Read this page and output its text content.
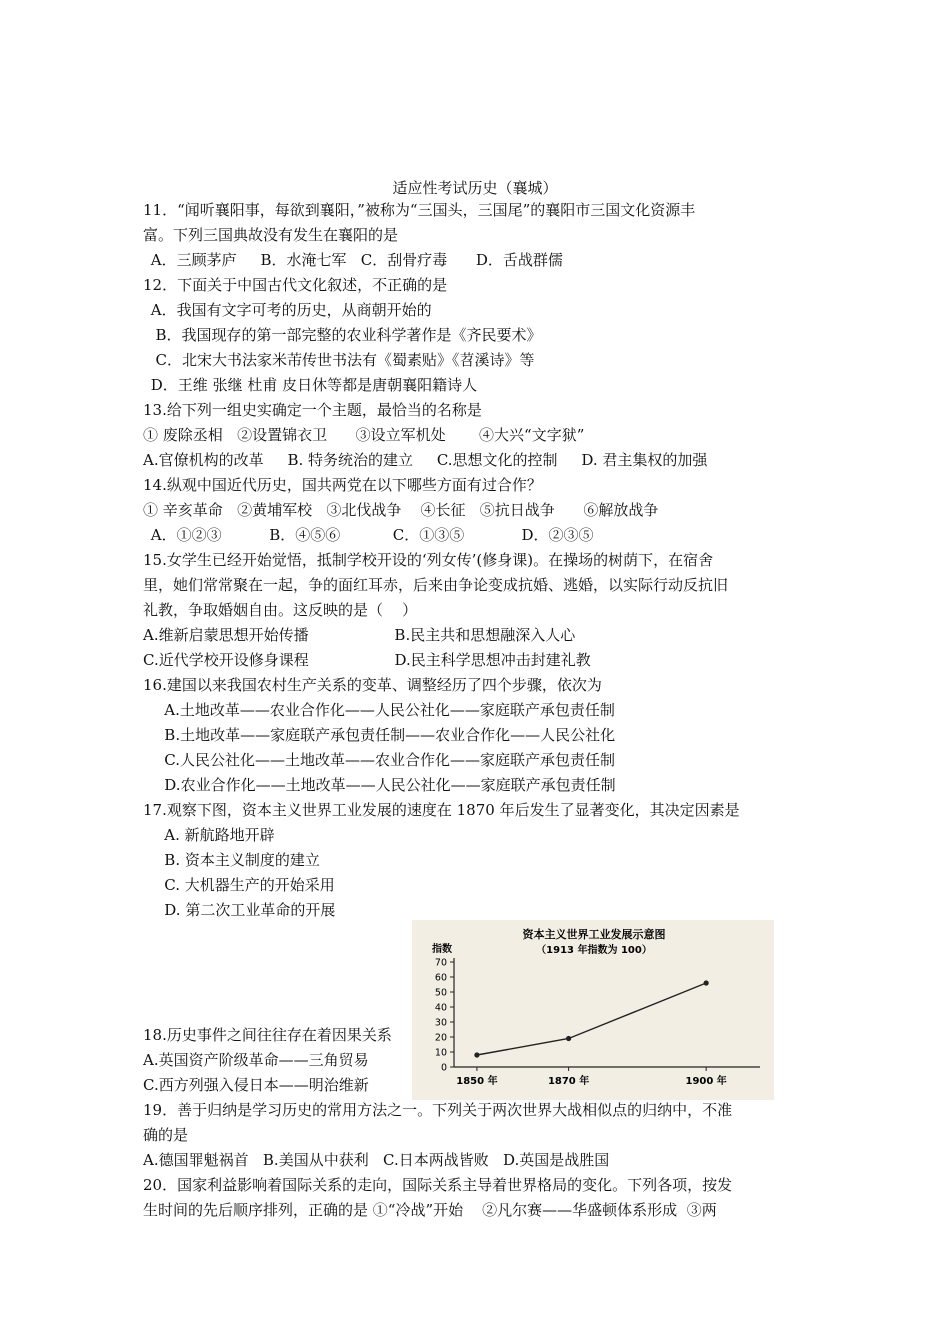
适应性考试历史（襄城）
11．“闻听襄阳事，每欲到襄阳，”被称为“三国头，三国尾”的襄阳市三国文化资源丰
富。下列三国典故没有发生在襄阳的是
A．三顾茅庐     B．水淹七军   C．刮骨疗毒      D．舌战群儒
12．下面关于中国古代文化叙述，不正确的是
A．我国有文字可考的历史，从商朝开始的
B．我国现存的第一部完整的农业科学著作是《齐民要术》
C．北宋大书法家米芾传世书法有《蜀素贴》《苕溪诗》等
D．王维 张继 杜甫 皮日休等都是唐朝襄阳籍诗人
13.给下列一组史实确定一个主题，最恰当的名称是
① 废除丞相   ②设置锦衣卫      ③设立军机处       ④大兴“文字狱”
A.官僚机构的改革     B. 特务统治的建立     C.思想文化的控制     D. 君主集权的加强
14.纵观中国近代历史，国共两党在以下哪些方面有过合作？
① 辛亥革命   ②黄埔军校   ③北伐战争    ④长征   ⑤抗日战争      ⑥解放战争
A．①②③          B．④⑤⑥           C．①③⑤            D．②③⑤
15.女学生已经开始觉悟，抵制学校开设的‘列女传’(修身课)。在操场的树荫下，在宿舍
里，她们常常聚在一起，争的面红耳赤，后来由争论变成抗婚、逃婚，以实际行动反抗旧
礼教，争取婚姻自由。这反映的是（    ）
A.维新启蒙思想开始传播                  B.民主共和思想融深入人心
C.近代学校开设修身课程                  D.民主科学思想冲击封建礼教
16.建国以来我国农村生产关系的变革、调整经历了四个步骤，依次为
A.土地改革——农业合作化——人民公社化——家庭联产承包责任制
B.土地改革——家庭联产承包责任制——农业合作化——人民公社化
C.人民公社化——土地改革——农业合作化——家庭联产承包责任制
D.农业合作化——土地改革——人民公社化——家庭联产承包责任制
17.观察下图，资本主义世界工业发展的速度在 1870 年后发生了显著变化，其决定因素是
A. 新航路地开辟
B. 资本主义制度的建立
C. 大机器生产的开始采用
D. 第二次工业革命的开展
18.历史事件之间往往存在着因果关系
A.英国资产阶级革命——三角贸易
C.西方列强入侵日本——明治维新
19．善于归纳是学习历史的常用方法之一。下列关于两次世界大战相似点的归纳中，不准
确的是
A.德国罪魁祸首   B.美国从中获利   C.日本两战皆败   D.英国是战胜国
20．国家利益影响着国际关系的走向，国际关系主导着世界格局的变化。下列各项，按发
生时间的先后顺序排列，正确的是 ①“冷战”开始    ②凡尔赛——华盛顿体系形成  ③两
资本主义世界工业发展示意图
（1913 年指数为 100）
指数
0
10
20
30
40
50
60
70
1850 年	1870 年	1900 年
